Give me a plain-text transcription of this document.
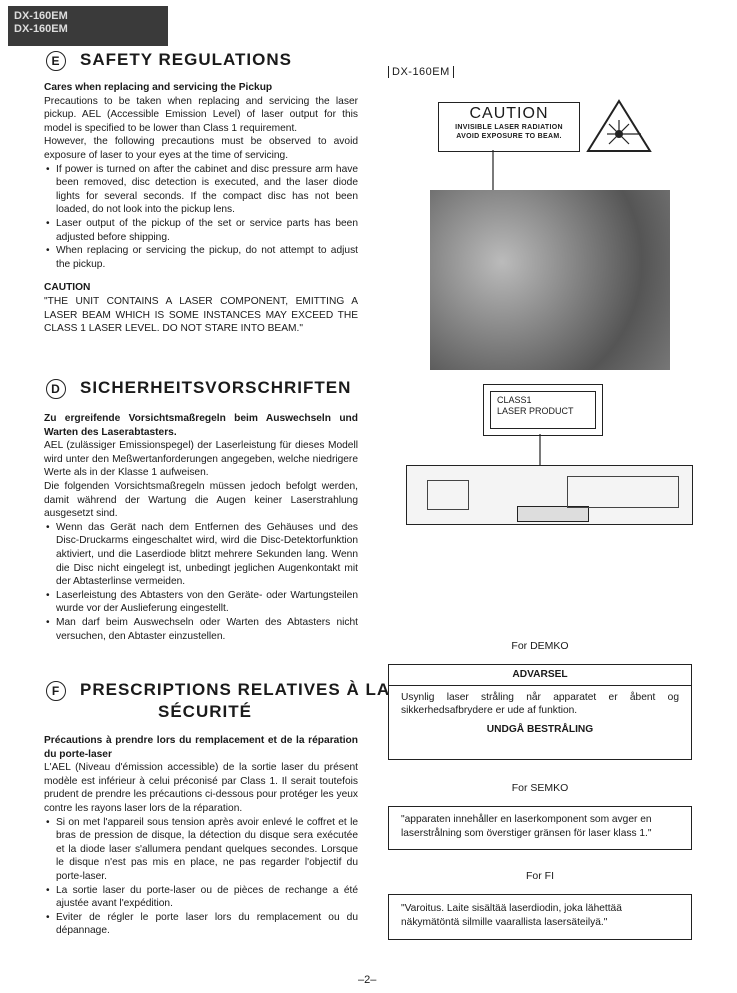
DX-160EM
DX-160EM
E SAFETY REGULATIONS

Cares when replacing and servicing the Pickup

Precautions to be taken when replacing and servicing the laser pickup. AEL (Accessible Emission Level) of laser output for this model is specified to be lower than Class 1 requirement.

However, the following precautions must be observed to avoid exposure of laser to your eyes at the time of servicing.

• If power is turned on after the cabinet and disc pressure arm have been removed, disc detection is executed, and the laser diode lights for several seconds. If the compact disc has not been loaded, do not look into the pickup lens.
• Laser output of the pickup of the set or service parts has been adjusted before shipping.
• When replacing or servicing the pickup, do not attempt to adjust the pickup.

CAUTION

"THE UNIT CONTAINS A LASER COMPONENT, EMITTING A LASER BEAM WHICH IS SOME INSTANCES MAY EXCEED THE CLASS 1 LASER LEVEL. DO NOT STARE INTO BEAM."

D SICHERHEITSVORSCHRIFTEN

Zu ergreifende Vorsichtsmaßregeln beim Auswechseln und Warten des Laserabtasters.

AEL (zulässiger Emissionspegel) der Laserleistung für dieses Modell wird unter den Meßwertanforderungen angegeben, welche niedrigere Werte als in der Klasse 1 aufweisen.

Die folgenden Vorsichtsmaßregeln müssen jedoch befolgt werden, damit während der Wartung die Augen keiner Laserstrahlung ausgesetzt sind.

• Wenn das Gerät nach dem Entfernen des Gehäuses und des Disc-Druckarms eingeschaltet wird, wird die Disc-Detektorfunktion aktiviert, und die Laserdiode blitzt mehrere Sekunden lang. Wenn die Disc nicht eingelegt ist, unbedingt jeglichen Augenkontakt mit der Abtasterlinse vermeiden.
• Laserleistung des Abtasters von den Geräte- oder Wartungsteilen wurde vor der Auslieferung eingestellt.
• Man darf beim Auswechseln oder Warten des Abtasters nicht versuchen, den Abtaster einzustellen.
F PRESCRIPTIONS RELATIVES À LA
SÉCURITÉ

Précautions à prendre lors du remplacement et de la réparation du porte-laser

L'AEL (Niveau d'émission accessible) de la sortie laser du présent modèle est inférieur à celui préconisé par Class 1. Il serait toutefois prudent de prendre les précautions ci-dessous pour protéger les yeux contre les rayons laser lors de la réparation.

• Si on met l'appareil sous tension après avoir enlevé le coffret et le bras de pression de disque, la détection du disque sera exécutée et la diode laser s'allumera pendant quelques secondes. Lorsque le disque n'est pas mis en place, ne pas regarder l'objectif du porte-laser.
• La sortie laser du porte-laser ou de pièces de rechange a été ajustée avant l'expédition.
• Eviter de régler le porte laser lors du remplacement ou du dépannage.
DX-160EM
CAUTION
INVISIBLE LASER RADIATION
AVOID EXPOSURE TO BEAM.
CLASS1
LASER PRODUCT
For DEMKO
ADVARSEL
Usynlig laser stråling når apparatet er åbent og sikkerhedsafbrydere er ude af funktion.
UNDGÅ BESTRÅLING
For SEMKO
"apparaten innehåller en laserkomponent som avger en laserstrålning som överstiger gränsen för laser klass 1."
For FI
"Varoitus. Laite sisältää laserdiodin, joka lähettää näkymätöntä silmille vaarallista lasersäteilyä."
–2–
